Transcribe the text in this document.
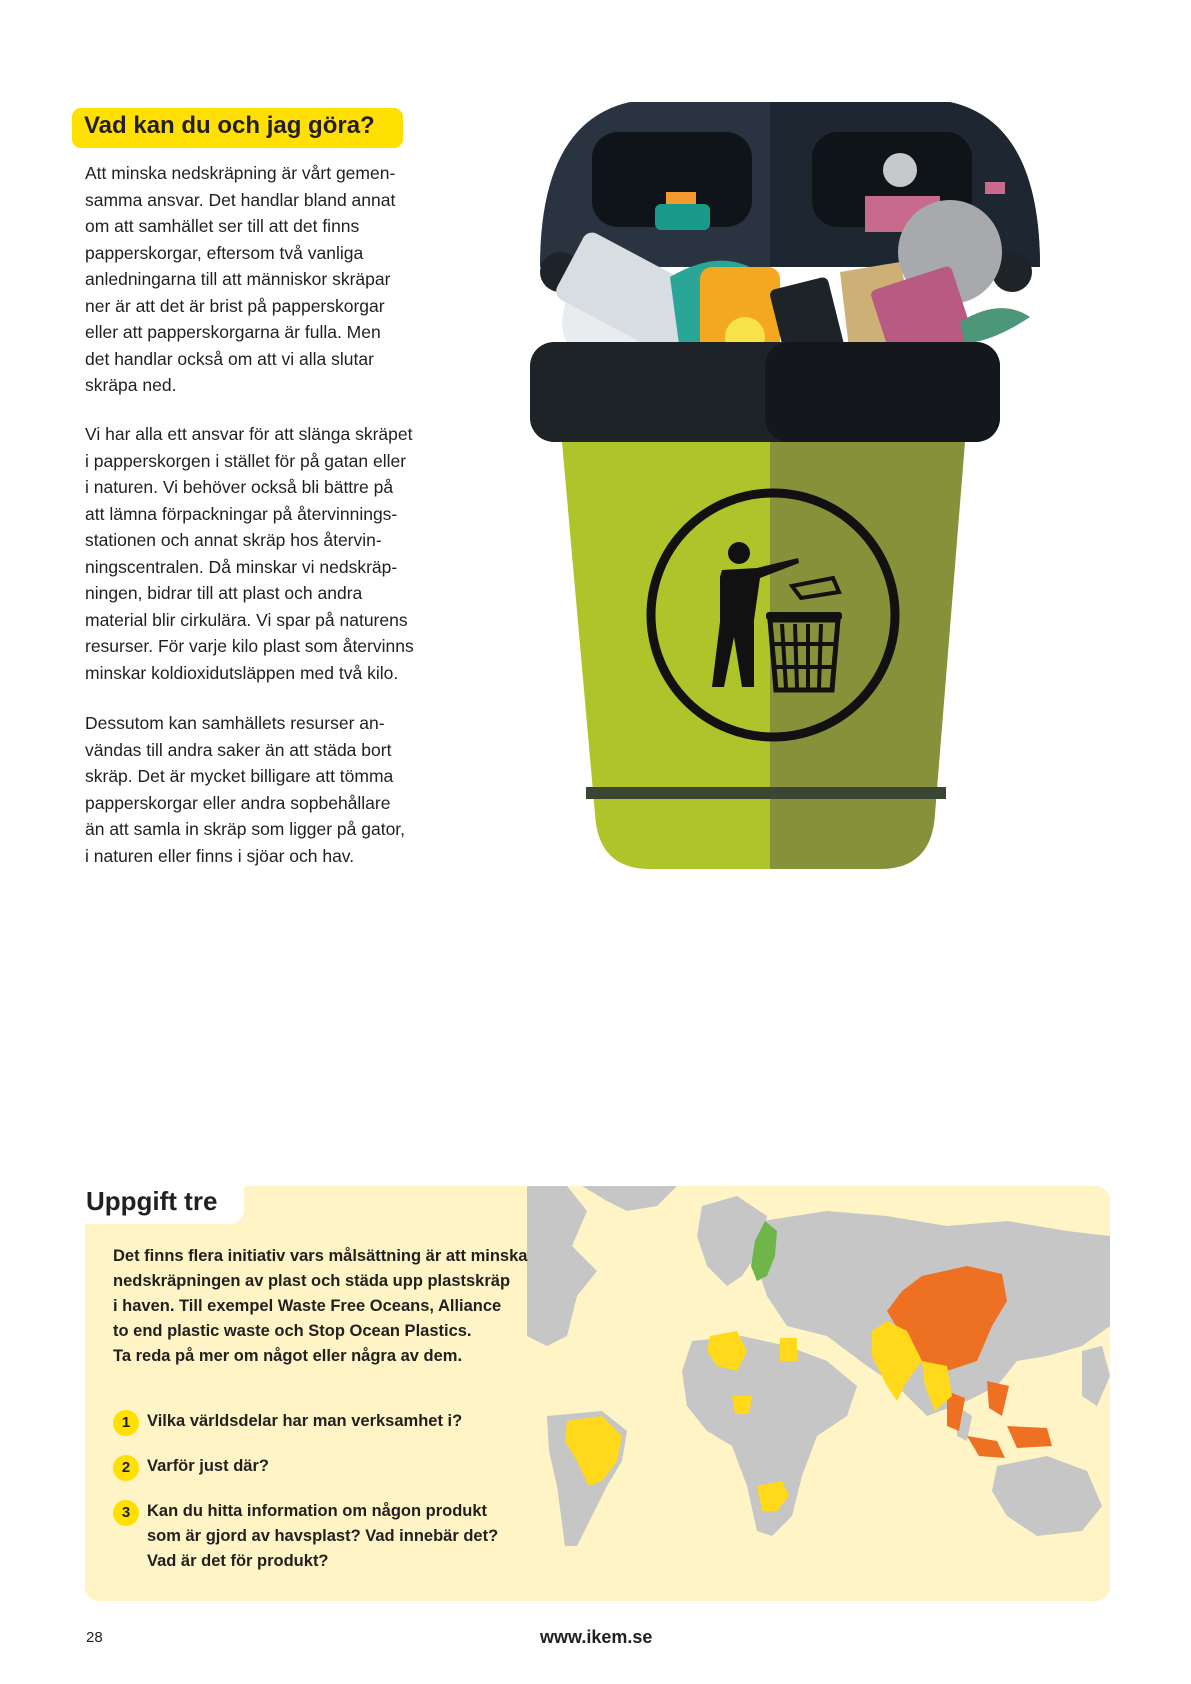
Vad kan du och jag göra?
Att minska nedskräpning är vårt gemen-
samma ansvar. Det handlar bland annat
om att samhället ser till att det finns
papperskorgar, eftersom två vanliga
anledningarna till att människor skräpar
ner är att det är brist på papperskorgar
eller att papperskorgarna är fulla. Men
det handlar också om att vi alla slutar
skräpa ned.
Vi har alla ett ansvar för att slänga skräpet
i papperskorgen i stället för på gatan eller
i naturen. Vi behöver också bli bättre på
att lämna förpackningar på återvinnings-
stationen och annat skräp hos återvin-
ningscentralen. Då minskar vi nedskräp-
ningen, bidrar till att plast och andra
material blir cirkulära. Vi spar på naturens
resurser. För varje kilo plast som återvinns
minskar koldioxidutsläppen med två kilo.
Dessutom kan samhällets resurser an-
vändas till andra saker än att städa bort
skräp. Det är mycket billigare att tömma
papperskorgar eller andra sopbehållare
än att samla in skräp som ligger på gator,
i naturen eller finns i sjöar och hav.
Uppgift tre
Det finns flera initiativ vars målsättning är att minska
nedskräpningen av plast och städa upp plastskräp
i haven. Till exempel Waste Free Oceans, Alliance
to end plastic waste och Stop Ocean Plastics.
Ta reda på mer om något eller några av dem.
1	Vilka världsdelar har man verksamhet i?
2	Varför just där?
3	Kan du hitta information om någon produkt
som är gjord av havsplast? Vad innebär det?
Vad är det för produkt?
28	www.ikem.se
